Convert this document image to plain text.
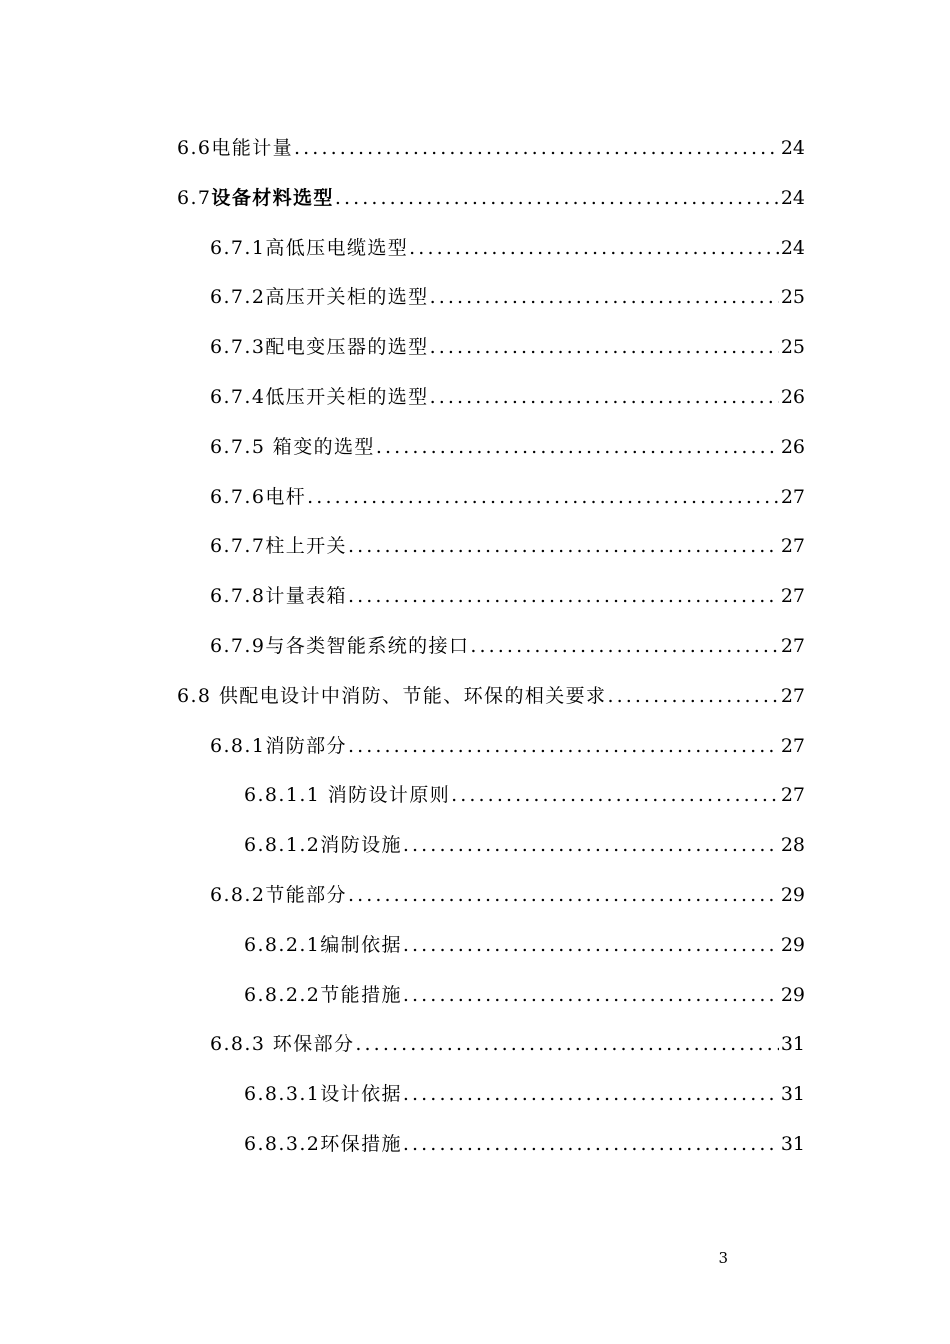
6.6 电能计量 .....	24
6.7 设备材料选型 .....	24
6.7.1 高低压电缆选型 .....	24
6.7.2 高压开关柜的选型 .....	25
6.7.3 配电变压器的选型 .....	25
6.7.4 低压开关柜的选型 .....	26
6.7.5 箱变的选型 .....	26
6.7.6 电杆 .....	27
6.7.7 柱上开关 .....	27
6.7.8 计量表箱 .....	27
6.7.9 与各类智能系统的接口 .....	27
6.8 供配电设计中消防、节能、环保的相关要求 .....	27
6.8.1 消防部分 .....	27
6.8.1.1 消防设计原则 .....	27
6.8.1.2 消防设施 .....	28
6.8.2 节能部分 .....	29
6.8.2.1 编制依据 .....	29
6.8.2.2 节能措施 .....	29
6.8.3 环保部分 .....	31
6.8.3.1 设计依据 .....	31
6.8.3.2 环保措施 .....	31
3
